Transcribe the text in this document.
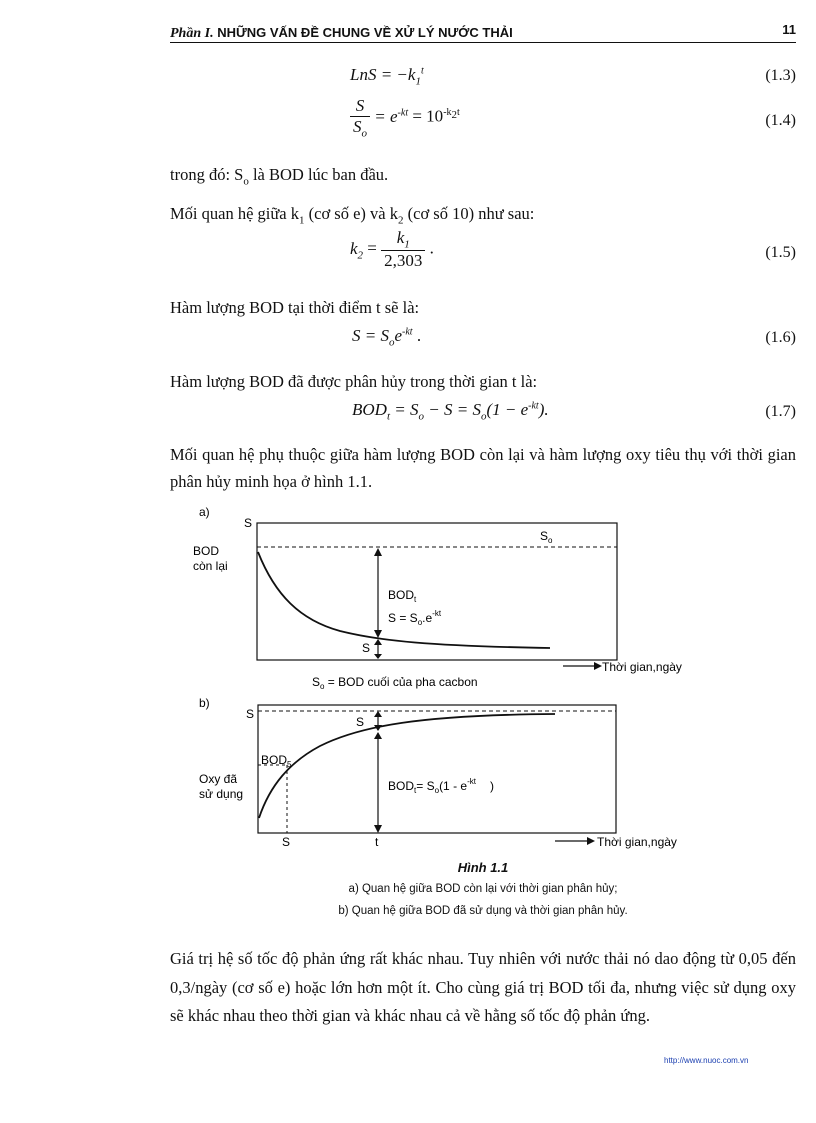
Phần I. NHỮNG VẤN ĐỀ CHUNG VỀ XỬ LÝ NƯỚC THẢI	11
LnS = $-k_1^t$	(1.3)
$\frac{S}{S_o} = e^{-kt} = 10^{-k_2t}$	(1.4)
trong đó: $S_o$ là BOD lúc ban đầu.
Mối quan hệ giữa $k_1$ (cơ số e) và $k_2$ (cơ số 10) như sau:
$k_2 = \frac{k_1}{2,303}$ .	(1.5)
Hàm lượng BOD tại thời điểm t sẽ là:
$S = S_oe^{-kt}$ .	(1.6)
Hàm lượng BOD đã được phân hủy trong thời gian t là:
$BOD_t = S_o - S = S_o(1 - e^{-kt})$.	(1.7)
Mối quan hệ phụ thuộc giữa hàm lượng BOD còn lại và hàm lượng oxy tiêu thụ với thời gian phân hủy minh họa ở hình 1.1.
a)
S
$S_o$
BOD
còn lại
$BOD_t$
$S = S_o.e^{-kt}$
S
Thời gian,ngày
$S_o$ = BOD cuối của pha cacbon
b)
S
$BOD_5$
Oxy đã
sử dụng
S
$BOD_t= S_o(1 - e^{-kt}$ )
S	t	Thời gian,ngày
Hình 1.1
a) Quan hệ giữa BOD còn lại với thời gian phân hủy;
b) Quan hệ giữa BOD đã sử dụng và thời gian phân hủy.
Giá trị hệ số tốc độ phản ứng rất khác nhau. Tuy nhiên với nước thải nó dao động từ 0,05 đến 0,3/ngày (cơ số e) hoặc lớn hơn một ít. Cho cùng giá trị BOD tối đa, nhưng việc sử dụng oxy sẽ khác nhau theo thời gian và khác nhau cả về hằng số tốc độ phản ứng.
http://www.nuoc.com.vn
